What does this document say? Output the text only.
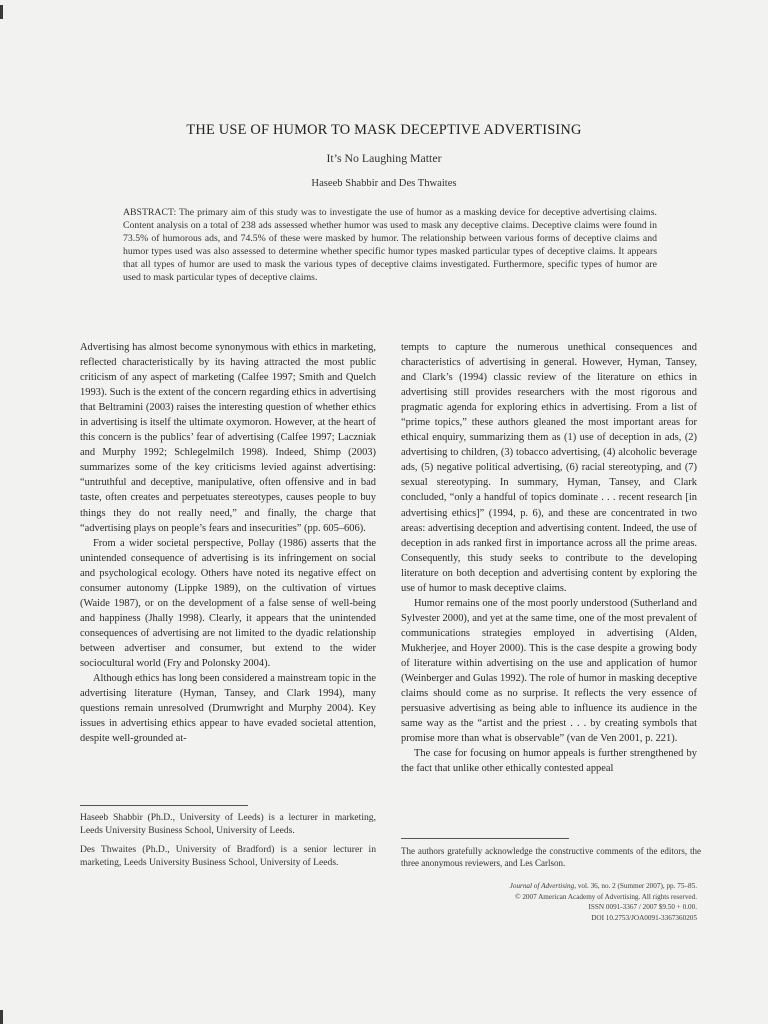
THE USE OF HUMOR TO MASK DECEPTIVE ADVERTISING
It’s No Laughing Matter
Haseeb Shabbir and Des Thwaites

ABSTRACT: The primary aim of this study was to investigate the use of humor as a masking device for deceptive advertising claims. Content analysis on a total of 238 ads assessed whether humor was used to mask any deceptive claims. Deceptive claims were found in 73.5% of humorous ads, and 74.5% of these were masked by humor. The relationship between various forms of deceptive claims and humor types used was also assessed to determine whether specific humor types masked particular types of deceptive claims. It appears that all types of humor are used to mask the various types of deceptive claims investigated. Furthermore, specific types of humor are used to mask particular types of deceptive claims.

Advertising has almost become synonymous with ethics in marketing, reflected characteristically by its having attracted the most public criticism of any aspect of marketing (Calfee 1997; Smith and Quelch 1993). Such is the extent of the concern regarding ethics in advertising that Beltramini (2003) raises the interesting question of whether ethics in advertising is itself the ultimate oxymoron. However, at the heart of this concern is the publics’ fear of advertising (Calfee 1997; Laczniak and Murphy 1992; Schlegelmilch 1998). Indeed, Shimp (2003) summarizes some of the key criticisms levied against advertising: “untruthful and deceptive, manipulative, often offensive and in bad taste, often creates and perpetuates stereotypes, causes people to buy things they do not really need,” and finally, the charge that “advertising plays on people’s fears and insecurities” (pp. 605–606).

From a wider societal perspective, Pollay (1986) asserts that the unintended consequence of advertising is its infringement on social and psychological ecology. Others have noted its negative effect on consumer autonomy (Lippke 1989), on the cultivation of virtues (Waide 1987), or on the development of a false sense of well-being and happiness (Jhally 1998). Clearly, it appears that the unintended consequences of advertising are not limited to the dyadic relationship between advertiser and consumer, but extend to the wider sociocultural world (Fry and Polonsky 2004).

Although ethics has long been considered a mainstream topic in the advertising literature (Hyman, Tansey, and Clark 1994), many questions remain unresolved (Drumwright and Murphy 2004). Key issues in advertising ethics appear to have evaded societal attention, despite well-grounded at-

tempts to capture the numerous unethical consequences and characteristics of advertising in general. However, Hyman, Tansey, and Clark’s (1994) classic review of the literature on ethics in advertising still provides researchers with the most rigorous and pragmatic agenda for exploring ethics in advertising. From a list of “prime topics,” these authors gleaned the most important areas for ethical enquiry, summarizing them as (1) use of deception in ads, (2) advertising to children, (3) tobacco advertising, (4) alcoholic beverage ads, (5) negative political advertising, (6) racial stereotyping, and (7) sexual stereotyping. In summary, Hyman, Tansey, and Clark concluded, “only a handful of topics dominate . . . recent research [in advertising ethics]” (1994, p. 6), and these are concentrated in two areas: advertising deception and advertising content. Indeed, the use of deception in ads ranked first in importance across all the prime areas. Consequently, this study seeks to contribute to the developing literature on both deception and advertising content by exploring the use of humor to mask deceptive claims.

Humor remains one of the most poorly understood (Sutherland and Sylvester 2000), and yet at the same time, one of the most prevalent of communications strategies employed in advertising (Alden, Mukherjee, and Hoyer 2000). This is the case despite a growing body of literature within advertising on the use and application of humor (Weinberger and Gulas 1992). The role of humor in masking deceptive claims should come as no surprise. It reflects the very essence of persuasive advertising as being able to influence its audience in the same way as the “artist and the priest . . . by creating symbols that promise more than what is observable” (van de Ven 2001, p. 221).

The case for focusing on humor appeals is further strengthened by the fact that unlike other ethically contested appeal

Haseeb Shabbir (Ph.D., University of Leeds) is a lecturer in marketing, Leeds University Business School, University of Leeds.

Des Thwaites (Ph.D., University of Bradford) is a senior lecturer in marketing, Leeds University Business School, University of Leeds.

The authors gratefully acknowledge the constructive comments of the editors, the three anonymous reviewers, and Les Carlson.

Journal of Advertising, vol. 36, no. 2 (Summer 2007), pp. 75–85.
© 2007 American Academy of Advertising. All rights reserved.
ISSN 0091-3367 / 2007 $9.50 + 0.00.
DOI 10.2753/JOA0091-3367360205
